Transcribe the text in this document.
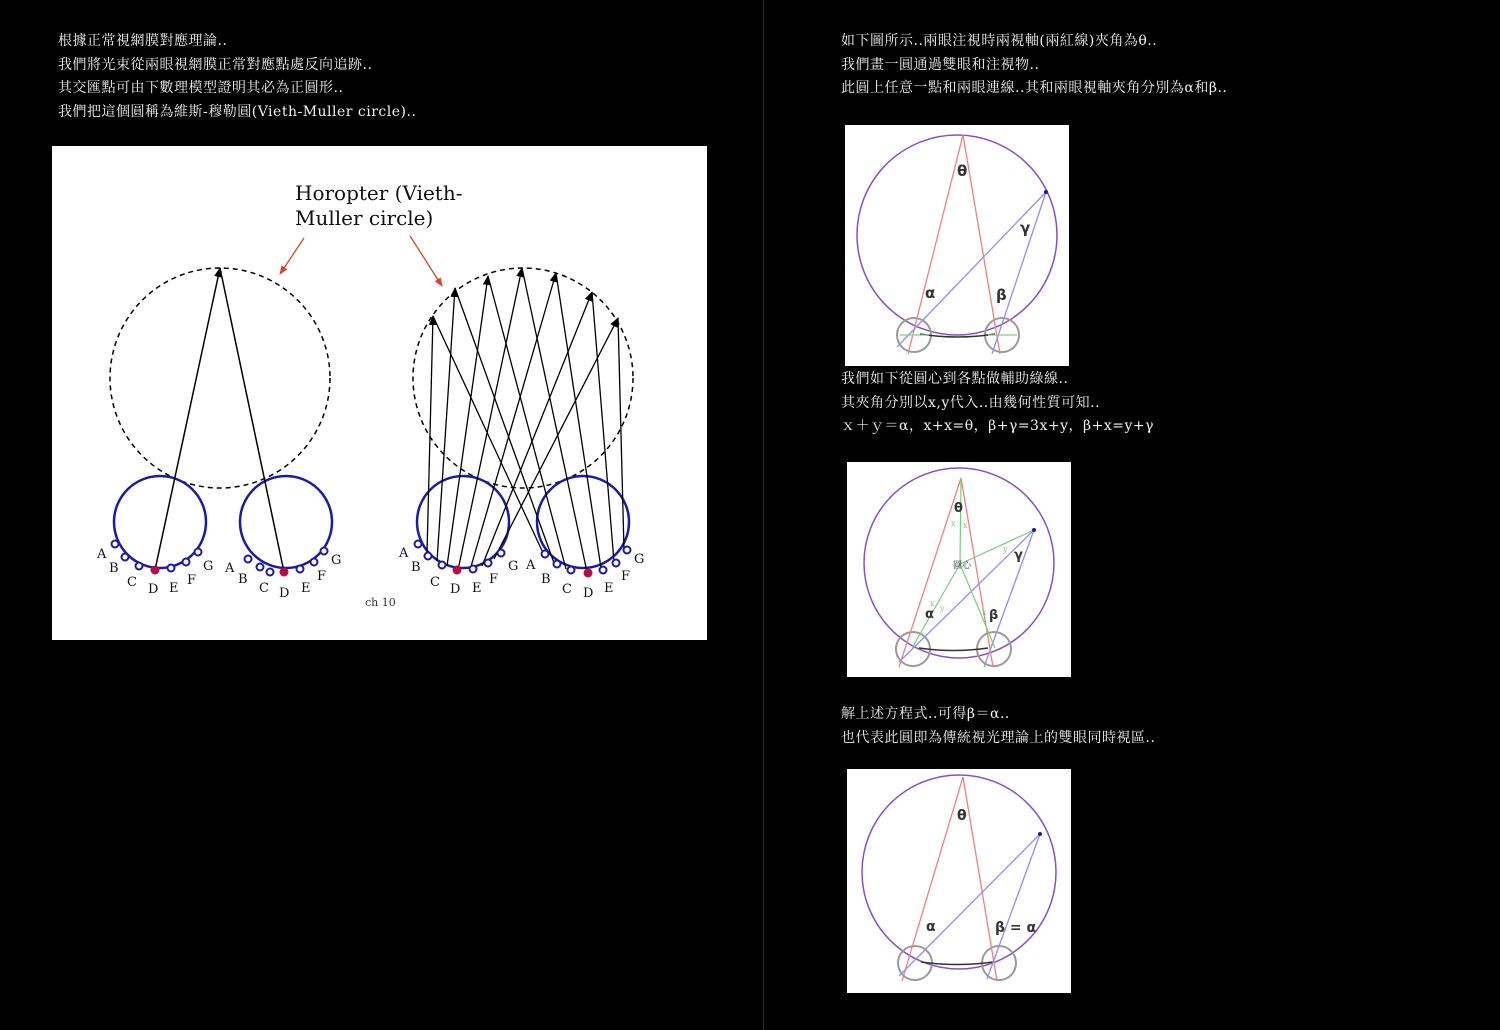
根據正常視網膜對應理論..
我們將光束從兩眼視網膜正常對應點處反向追跡..
其交匯點可由下數理模型證明其必為正圓形..
我們把這個圓稱為維斯-穆勒圓(Vieth-Muller circle)..
Horopter (Vieth-
Muller circle)
A
B
C D E
F
G A
B
C D E
F
G	A
B
C D E
F
G A
B
C D E
F
G
ch 10
如下圖所示..兩眼注視時兩視軸(兩紅線)夾角為θ..
我們畫一圓通過雙眼和注視物..
此圓上任意一點和兩眼連線..其和兩眼視軸夾角分別為α和β..
θ
γ
α	β
我們如下從圓心到各點做輔助綠線..
其夾角分別以x,y代入..由幾何性質可知..
ｘ＋ｙ＝α，x+x=θ，β+γ=3x+y，β+x=y+γ
θ
γ
α	β
圓心
x x
x
y	x
y
解上述方程式..可得β＝α..
也代表此圓即為傳統視光理論上的雙眼同時視區..
θ
α	β = α
